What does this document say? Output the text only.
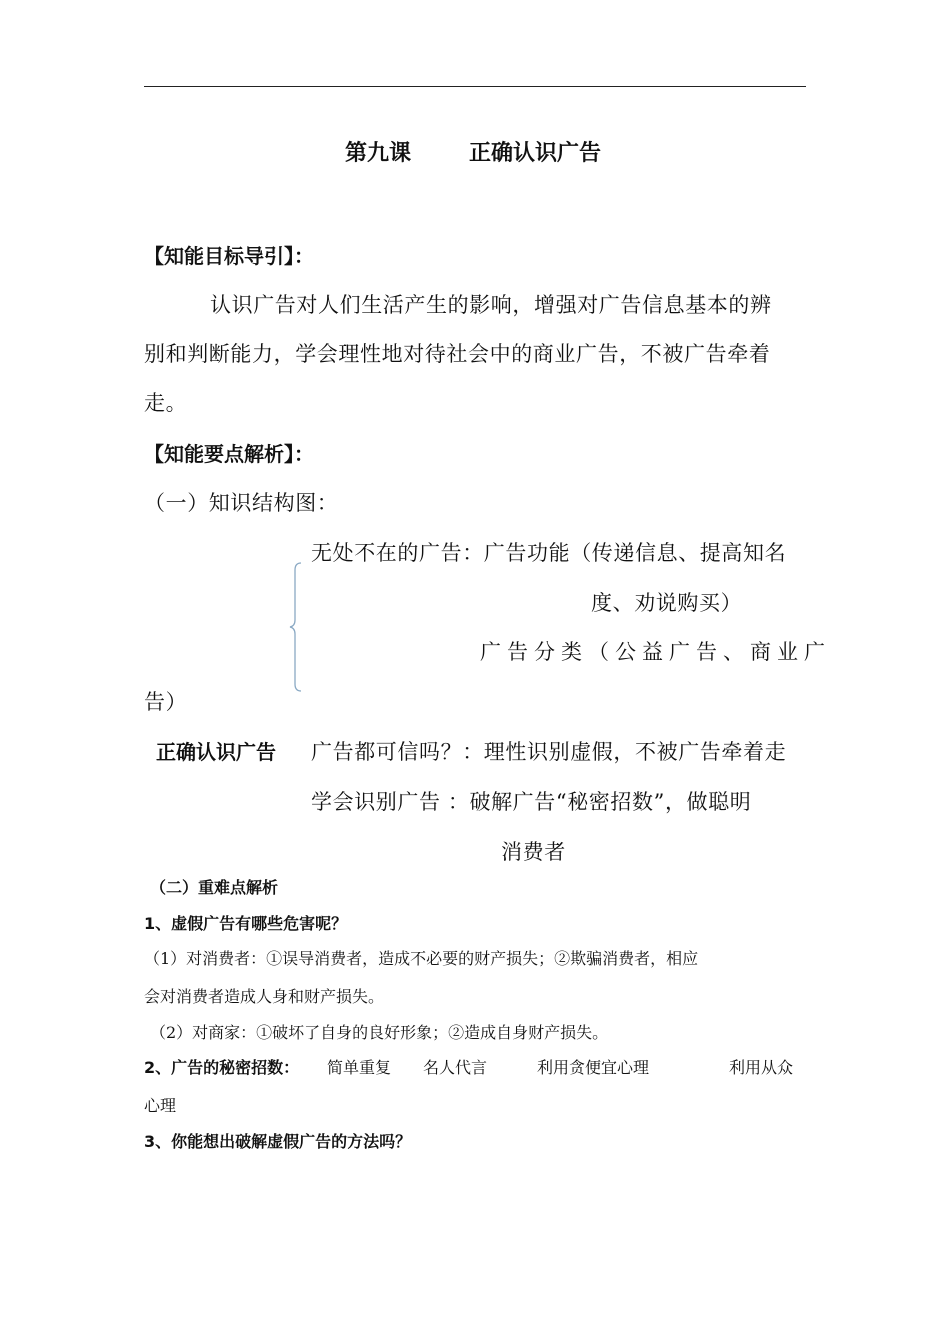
第九课	正确认识广告
【知能目标导引】：
认识广告对人们生活产生的影响，增强对广告信息基本的辨
别和判断能力，学会理性地对待社会中的商业广告，不被广告牵着
走。
【知能要点解析】：
（一）知识结构图：
无处不在的广告：广告功能（传递信息、提高知名
度、劝说购买）
广告分类（公益广告、商业广
告）
正确认识广告 广告都可信吗？：理性识别虚假，不被广告牵着走
学会识别广告 ：破解广告“秘密招数”，做聪明
消费者
（二）重难点解析
1、虚假广告有哪些危害呢？
（1）对消费者：①误导消费者，造成不必要的财产损失；②欺骗消费者，相应
会对消费者造成人身和财产损失。
（2）对商家：①破坏了自身的良好形象；②造成自身财产损失。
2、广告的秘密招数： 简单重复 名人代言	利用贪便宜心理	利用从众
心理
3、你能想出破解虚假广告的方法吗？
